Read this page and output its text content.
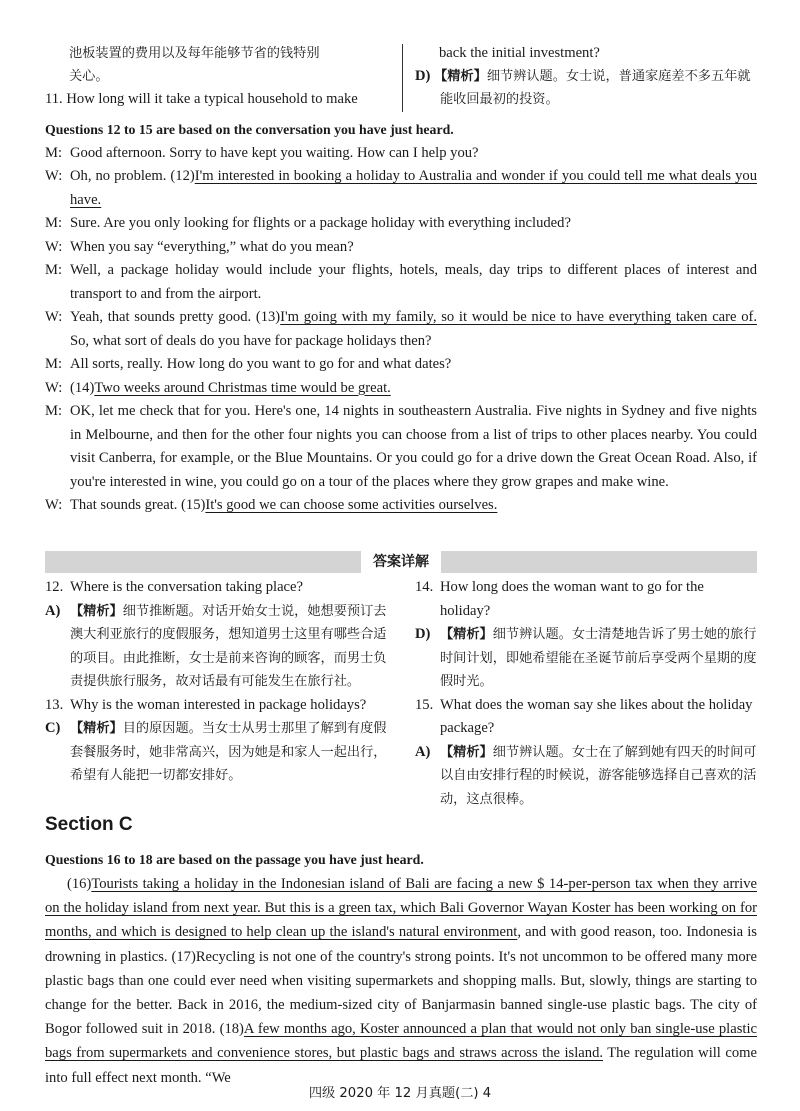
池板装置的费用以及每年能够节省的钱特别
关心。
11. How long will it take a typical household to make
back the initial investment?
D) 【精析】细节辨认题。女士说，普通家庭差不多五年就能收回最初的投资。

Questions 12 to 15 are based on the conversation you have just heard.

M: Good afternoon. Sorry to have kept you waiting. How can I help you?

W: Oh, no problem. (12)I'm interested in booking a holiday to Australia and wonder if you could tell me what deals you have.

M: Sure. Are you only looking for flights or a package holiday with everything included?

W: When you say “everything,” what do you mean?

M: Well, a package holiday would include your flights, hotels, meals, day trips to different places of interest and transport to and from the airport.

W: Yeah, that sounds pretty good. (13)I'm going with my family, so it would be nice to have everything taken care of. So, what sort of deals do you have for package holidays then?

M: All sorts, really. How long do you want to go for and what dates?

W: (14)Two weeks around Christmas time would be great.

M: OK, let me check that for you. Here's one, 14 nights in southeastern Australia. Five nights in Sydney and five nights in Melbourne, and then for the other four nights you can choose from a list of trips to other places nearby. You could visit Canberra, for example, or the Blue Mountains. Or you could go for a drive down the Great Ocean Road. Also, if you're interested in wine, you could go on a tour of the places where they grow grapes and make wine.

W: That sounds great. (15)It's good we can choose some activities ourselves.

答案详解
12. Where is the conversation taking place?
A) 【精析】细节推断题。对话开始女士说，她想要预订去澳大利亚旅行的度假服务，想知道男士这里有哪些合适的项目。由此推断，女士是前来咨询的顾客，而男士负责提供旅行服务，故对话最有可能发生在旅行社。
13. Why is the woman interested in package holidays?
C) 【精析】目的原因题。当女士从男士那里了解到有度假套餐服务时，她非常高兴，因为她是和家人一起出行，希望有人能把一切都安排好。
14. How long does the woman want to go for the holiday?
D) 【精析】细节辨认题。女士清楚地告诉了男士她的旅行时间计划，即她希望能在圣诞节前后享受两个星期的度假时光。
15. What does the woman say she likes about the holiday package?
A) 【精析】细节辨认题。女士在了解到她有四天的时间可以自由安排行程的时候说，游客能够选择自己喜欢的活动，这点很棒。
Section C

Questions 16 to 18 are based on the passage you have just heard.

(16)Tourists taking a holiday in the Indonesian island of Bali are facing a new $ 14-per-person tax when they arrive on the holiday island from next year. But this is a green tax, which Bali Governor Wayan Koster has been working on for months, and which is designed to help clean up the island's natural environment, and with good reason, too. Indonesia is drowning in plastics. (17)Recycling is not one of the country's strong points. It's not uncommon to be offered many more plastic bags than one could ever need when visiting supermarkets and shopping malls. But, slowly, things are starting to change for the better. Back in 2016, the medium-sized city of Banjarmasin banned single-use plastic bags. The city of Bogor followed suit in 2018. (18)A few months ago, Koster announced a plan that would not only ban single-use plastic bags from supermarkets and convenience stores, but plastic bags and straws across the island. The regulation will come into full effect next month. “We

四级 2020 年 12 月真题(二) 4
